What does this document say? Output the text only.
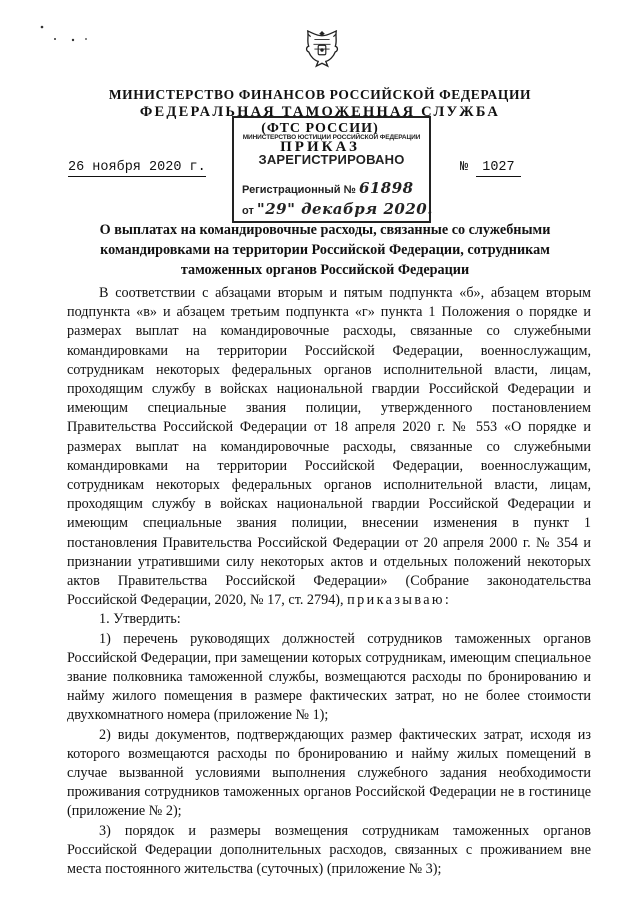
МИНИСТЕРСТВО ФИНАНСОВ РОССИЙСКОЙ ФЕДЕРАЦИИ
ФЕДЕРАЛЬНАЯ ТАМОЖЕННАЯ СЛУЖБА
(ФТС РОССИИ)
ПРИКАЗ
26 ноября 2020 г.	№ 1027
МИНИСТЕРСТВО ЮСТИЦИИ РОССИЙСКОЙ ФЕДЕРАЦИИ
ЗАРЕГИСТРИРОВАНО
Регистрационный № 61898
от "29" декабря 2020.
О выплатах на командировочные расходы, связанные со служебными командировками на территории Российской Федерации, сотрудникам таможенных органов Российской Федерации

В соответствии с абзацами вторым и пятым подпункта «б», абзацем вторым подпункта «в» и абзацем третьим подпункта «г» пункта 1 Положения о порядке и размерах выплат на командировочные расходы, связанные со служебными командировками на территории Российской Федерации, военнослужащим, сотрудникам некоторых федеральных органов исполнительной власти, лицам, проходящим службу в войсках национальной гвардии Российской Федерации и имеющим специальные звания полиции, утвержденного постановлением Правительства Российской Федерации от 18 апреля 2020 г. № 553 «О порядке и размерах выплат на командировочные расходы, связанные со служебными командировками на территории Российской Федерации, военнослужащим, сотрудникам некоторых федеральных органов исполнительной власти, лицам, проходящим службу в войсках национальной гвардии Российской Федерации и имеющим специальные звания полиции, внесении изменения в пункт 1 постановления Правительства Российской Федерации от 20 апреля 2000 г. № 354 и признании утратившими силу некоторых актов и отдельных положений некоторых актов Правительства Российской Федерации» (Собрание законодательства Российской Федерации, 2020, № 17, ст. 2794), приказываю:

1. Утвердить:

1) перечень руководящих должностей сотрудников таможенных органов Российской Федерации, при замещении которых сотрудникам, имеющим специальное звание полковника таможенной службы, возмещаются расходы по бронированию и найму жилого помещения в размере фактических затрат, но не более стоимости двухкомнатного номера (приложение № 1);

2) виды документов, подтверждающих размер фактических затрат, исходя из которого возмещаются расходы по бронированию и найму жилых помещений в случае вызванной условиями выполнения служебного задания необходимости проживания сотрудников таможенных органов Российской Федерации не в гостинице (приложение № 2);

3) порядок и размеры возмещения сотрудникам таможенных органов Российской Федерации дополнительных расходов, связанных с проживанием вне места постоянного жительства (суточных) (приложение № 3);
